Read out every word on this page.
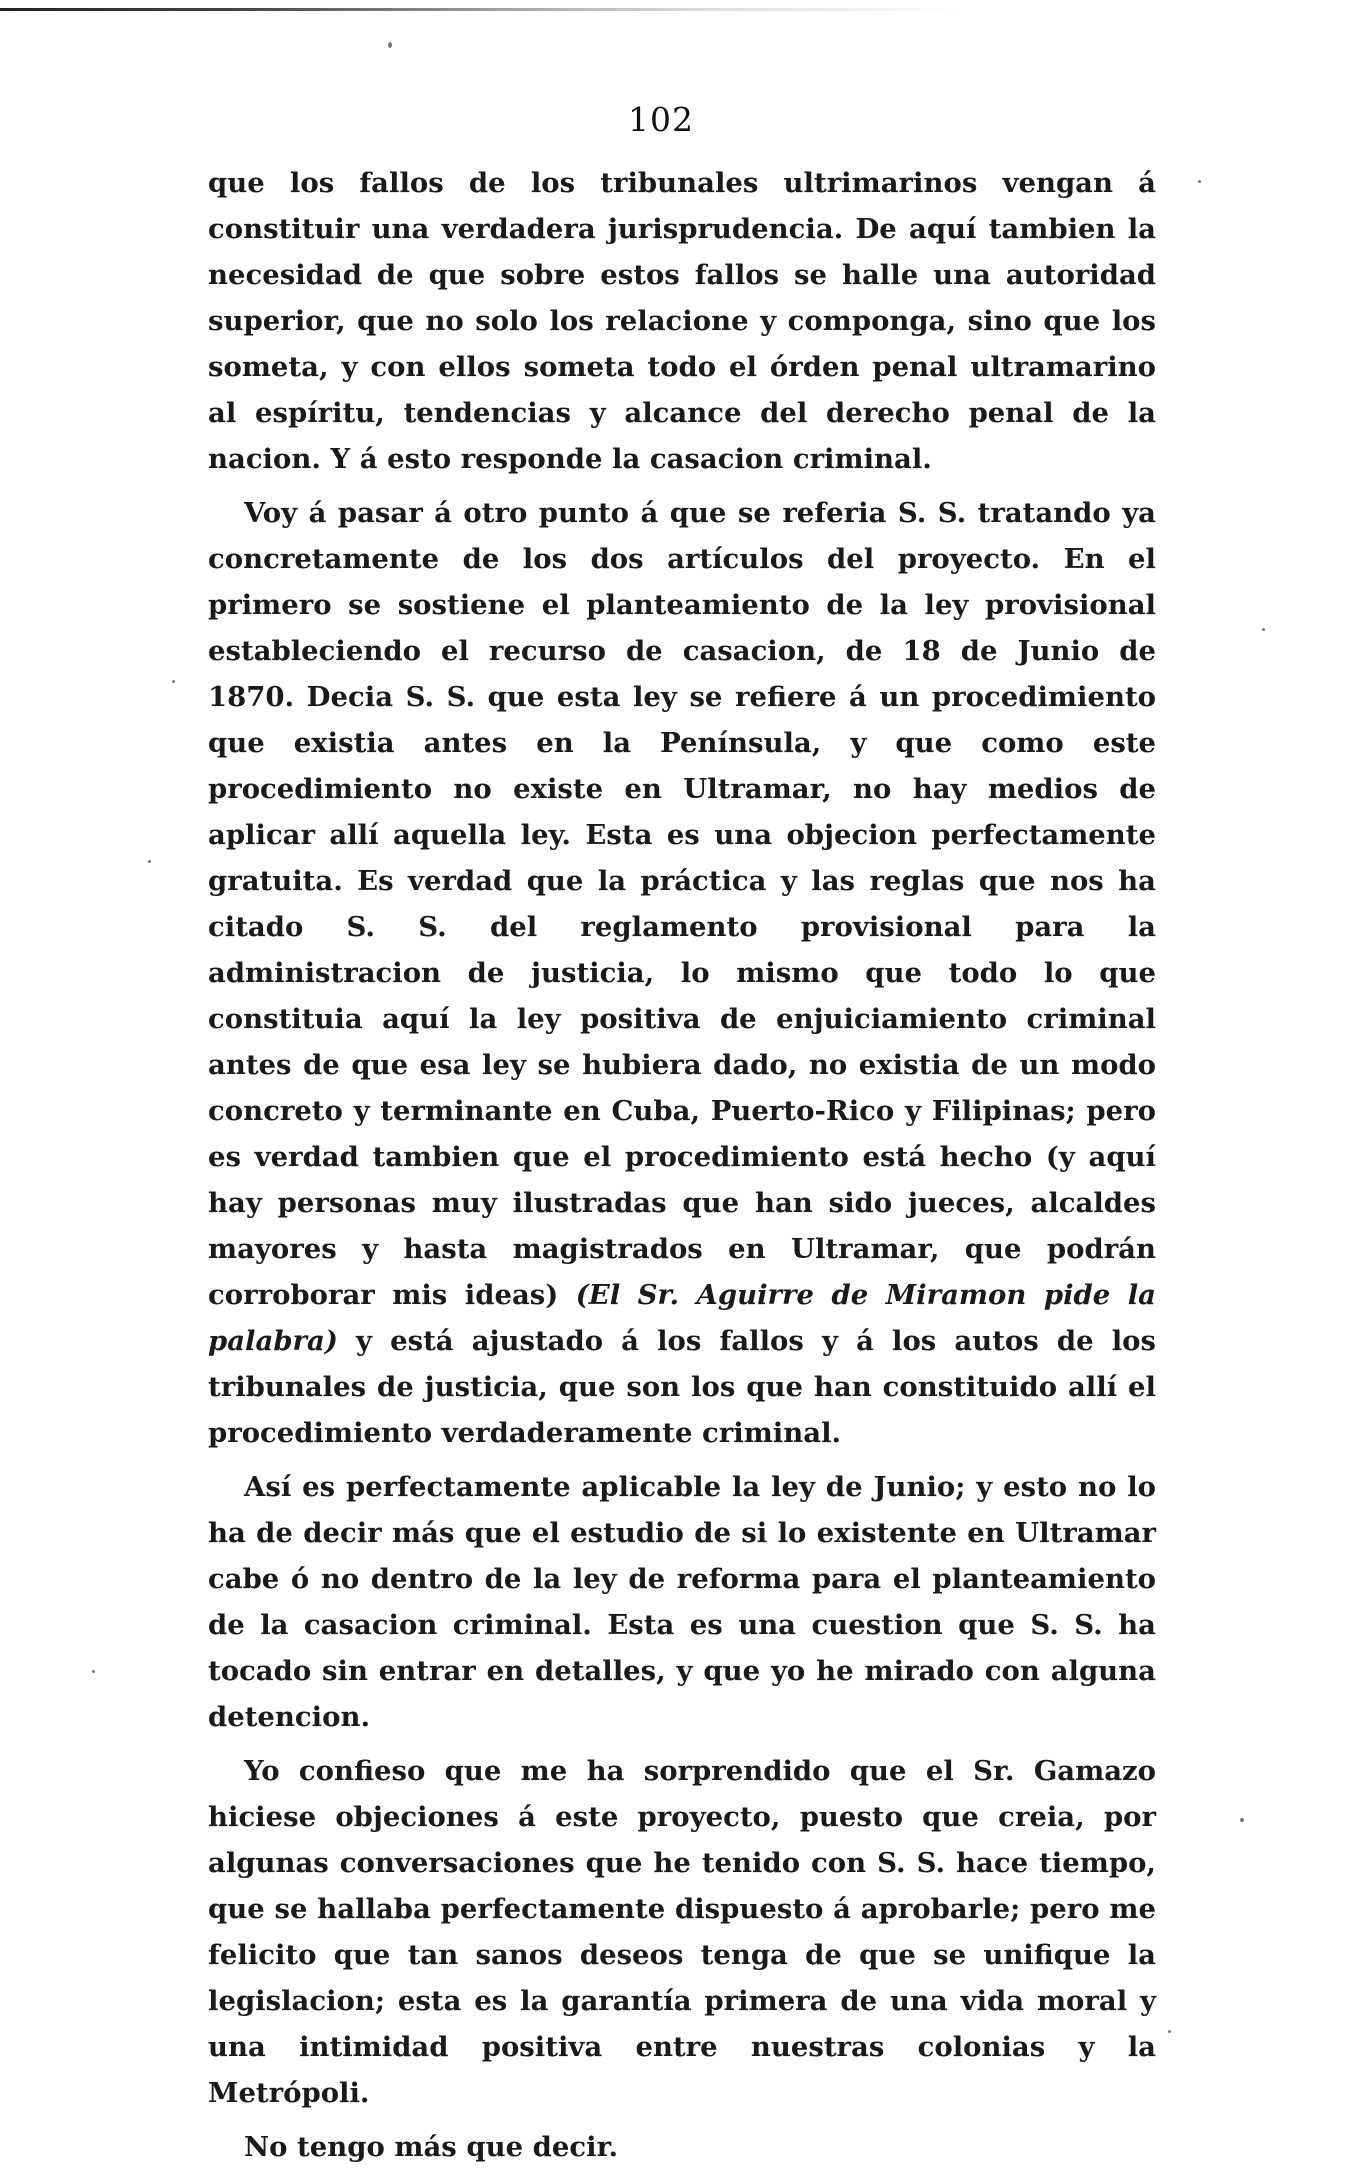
102

que los fallos de los tribunales ultrimarinos vengan á constituir una verdadera jurisprudencia. De aquí tambien la necesidad de que sobre estos fallos se halle una autoridad superior, que no solo los relacione y componga, sino que los someta, y con ellos someta todo el órden penal ultramarino al espíritu, tendencias y alcance del derecho penal de la nacion. Y á esto responde la casacion criminal.

Voy á pasar á otro punto á que se referia S. S. tratando ya concretamente de los dos artículos del proyecto. En el primero se sostiene el planteamiento de la ley provisional estableciendo el recurso de casacion, de 18 de Junio de 1870. Decia S. S. que esta ley se refiere á un procedimiento que existia antes en la Península, y que como este procedimiento no existe en Ultramar, no hay medios de aplicar allí aquella ley. Esta es una objecion perfectamente gratuita. Es verdad que la práctica y las reglas que nos ha citado S. S. del reglamento provisional para la administracion de justicia, lo mismo que todo lo que constituia aquí la ley positiva de enjuiciamiento criminal antes de que esa ley se hubiera dado, no existia de un modo concreto y terminante en Cuba, Puerto-Rico y Filipinas; pero es verdad tambien que el procedimiento está hecho (y aquí hay personas muy ilustradas que han sido jueces, alcaldes mayores y hasta magistrados en Ultramar, que podrán corroborar mis ideas) (El Sr. Aguirre de Miramon pide la palabra) y está ajustado á los fallos y á los autos de los tribunales de justicia, que son los que han constituido allí el procedimiento verdaderamente criminal.

Así es perfectamente aplicable la ley de Junio; y esto no lo ha de decir más que el estudio de si lo existente en Ultramar cabe ó no dentro de la ley de reforma para el planteamiento de la casacion criminal. Esta es una cuestion que S. S. ha tocado sin entrar en detalles, y que yo he mirado con alguna detencion.

Yo confieso que me ha sorprendido que el Sr. Gamazo hiciese objeciones á este proyecto, puesto que creia, por algunas conversaciones que he tenido con S. S. hace tiempo, que se hallaba perfectamente dispuesto á aprobarle; pero me felicito que tan sanos deseos tenga de que se unifique la legislacion; esta es la garantía primera de una vida moral y una intimidad positiva entre nuestras colonias y la Metrópoli.

No tengo más que decir.
